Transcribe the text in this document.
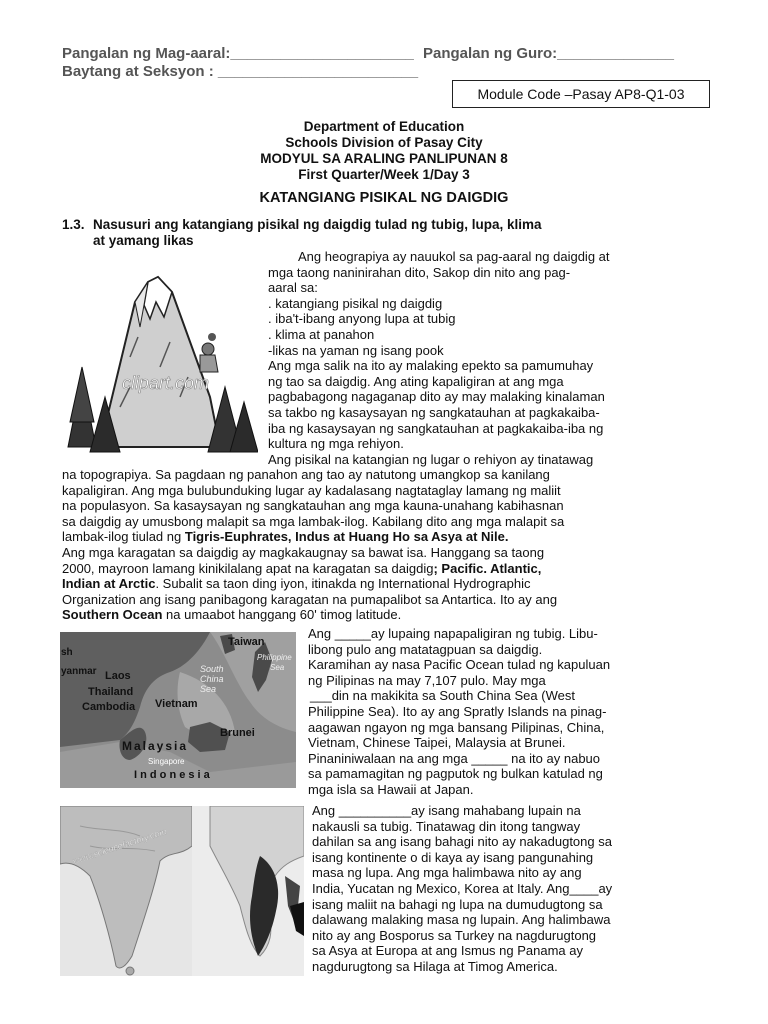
Pangalan ng Mag-aaral:______________________ Pangalan ng Guro:______________
Baytang at Seksyon : ________________________
Module Code –Pasay AP8-Q1-03
Department of Education
Schools Division of Pasay City
MODYUL SA ARALING PANLIPUNAN 8
First Quarter/Week 1/Day 3
KATANGIANG PISIKAL NG DAIGDIG
1.3. Nasusuri ang katangiang pisikal ng daigdig tulad ng tubig, lupa, klima
at yamang likas
clipart.com
Ang heograpiya ay nauukol sa pag-aaral ng daigdig at
mga taong naninirahan dito, Sakop din nito ang pag-
aaral sa:
. katangiang pisikal ng daigdig
. iba't-ibang anyong lupa at tubig
. klima at panahon
-likas na yaman ng isang pook
Ang mga salik na ito ay malaking epekto sa pamumuhay
ng tao sa daigdig. Ang ating kapaligiran at ang mga
pagbabagong nagaganap dito ay may malaking kinalaman
sa takbo ng kasaysayan ng sangkatauhan at pagkakaiba-
iba ng kasaysayan ng sangkatauhan at pagkakaiba-iba ng
kultura ng mga rehiyon.
Ang pisikal na katangian ng lugar o rehiyon ay tinatawag
na topograpiya. Sa pagdaan ng panahon ang tao ay natutong umangkop sa kanilang
kapaligiran. Ang mga bulubunduking lugar ay kadalasang nagtataglay lamang ng maliit
na populasyon. Sa kasaysayan ng sangkatauhan ang mga kauna-unahang kabihasnan
sa daigdig ay umusbong malapit sa mga lambak-ilog. Kabilang dito ang mga malapit sa
lambak-ilog tiulad ng Tigris-Euphrates, Indus at Huang Ho sa Asya at Nile.
Ang mga karagatan sa daigdig ay magkakaugnay sa bawat isa. Hanggang sa taong
2000, mayroon lamang kinikilalang apat na karagatan sa daigdig; Pacific. Atlantic,
Indian at Arctic. Subalit sa taon ding iyon, itinakda ng International Hydrographic
Organization ang isang panibagong karagatan na pumapalibot sa Antartica. Ito ay ang
Southern Ocean na umaabot hanggang 60' timog latitude.
Taiwan
sh
yanmar Laos
South
China
Sea
Philippine
Sea
Thailand
Vietnam
Cambodia
Brunei
Malaysia
Singapore
I n d o n e s i a
Ang _____ay lupaing napapaligiran ng tubig. Libu-
libong pulo ang matatagpuan sa daigdig.
Karamihan ay nasa Pacific Ocean tulad ng kapuluan
ng Pilipinas na may 7,107 pulo. May mga
___din na makikita sa South China Sea (West
Philippine Sea). Ito ay ang Spratly Islands na pinag-
aagawan ngayon ng mga bansang Pilipinas, China,
Vietnam, Chinese Taipei, Malaysia at Brunei.
Pinaniniwalaan na ang mga _____ na ito ay nabuo
sa pamamagitan ng pagputok ng bulkan katulad ng
mga isla sa Hawaii at Japan.
www.sciencefactory.com
Ang __________ay isang mahabang lupain na
nakausli sa tubig. Tinatawag din itong tangway
dahilan sa ang isang bahagi nito ay nakadugtong sa
isang kontinente o di kaya ay isang pangunahing
masa ng lupa. Ang mga halimbawa nito ay ang
India, Yucatan ng Mexico, Korea at Italy. Ang____ay
isang maliit na bahagi ng lupa na dumudugtong sa
dalawang malaking masa ng lupain. Ang halimbawa
nito ay ang Bosporus sa Turkey na nagdurugtong
sa Asya at Europa at ang Ismus ng Panama ay
nagdurugtong sa Hilaga at Timog America.
